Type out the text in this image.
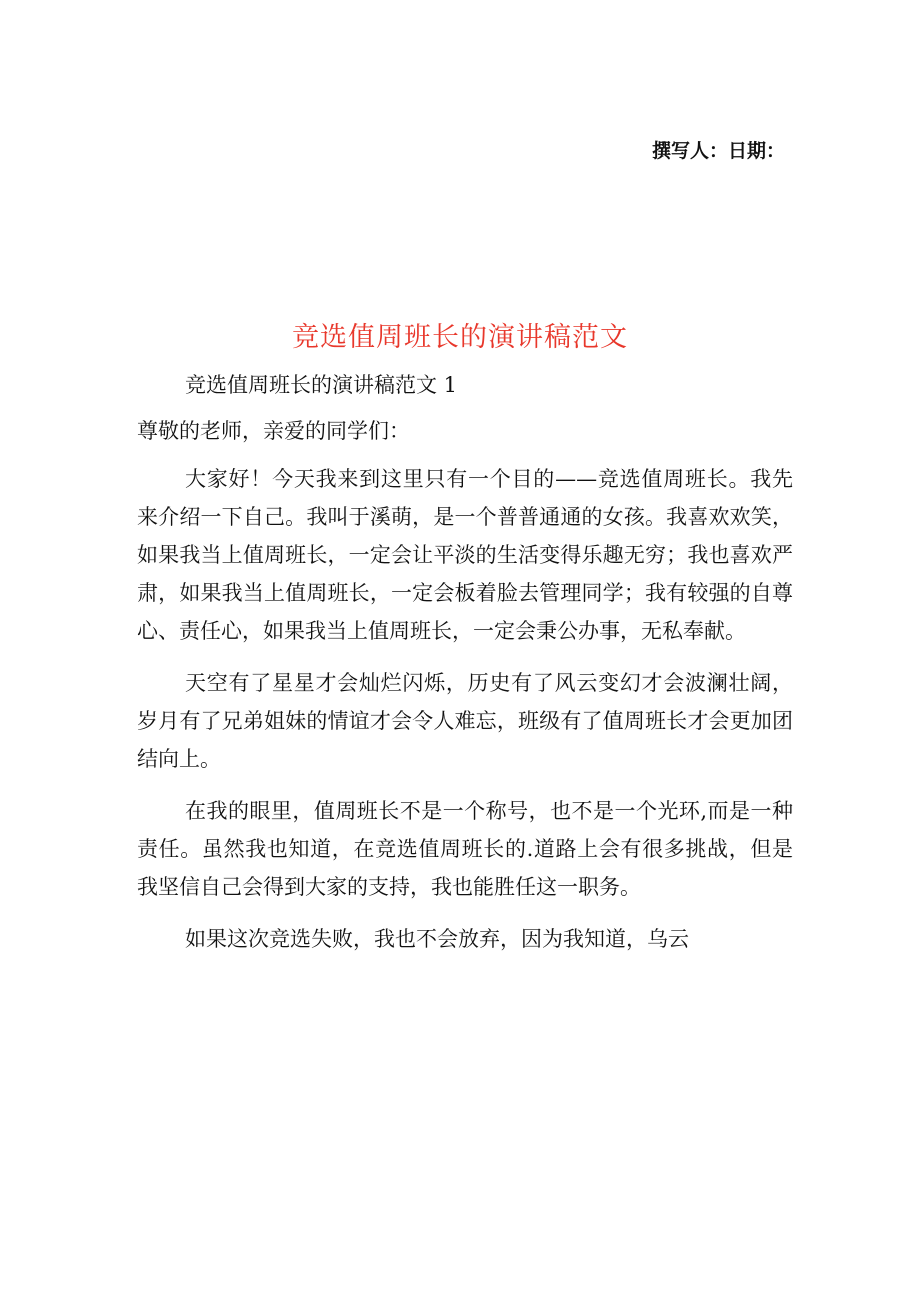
撰写人：日期：
竞选值周班长的演讲稿范文

竞选值周班长的演讲稿范文 1

尊敬的老师，亲爱的同学们：

大家好！今天我来到这里只有一个目的——竞选值周班长。我先来介绍一下自己。我叫于溪萌，是一个普普通通的女孩。我喜欢欢笑，如果我当上值周班长，一定会让平淡的生活变得乐趣无穷；我也喜欢严肃，如果我当上值周班长，一定会板着脸去管理同学；我有较强的自尊心、责任心，如果我当上值周班长，一定会秉公办事，无私奉献。

天空有了星星才会灿烂闪烁，历史有了风云变幻才会波澜壮阔，岁月有了兄弟姐妹的情谊才会令人难忘，班级有了值周班长才会更加团结向上。

在我的眼里，值周班长不是一个称号，也不是一个光环,而是一种责任。虽然我也知道，在竞选值周班长的.道路上会有很多挑战，但是我坚信自己会得到大家的支持，我也能胜任这一职务。

如果这次竞选失败，我也不会放弃，因为我知道，乌云
